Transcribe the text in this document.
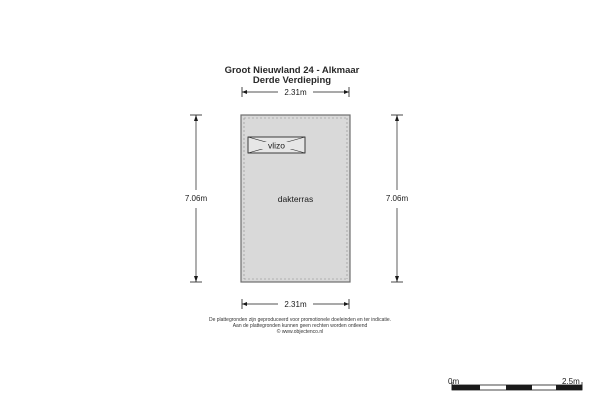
Groot Nieuwland 24 - Alkmaar
Derde Verdieping
2.31m
7.06m	7.06m
dakterras
vlizo
2.31m
De plattegronden zijn geproduceerd voor promotionele doeleinden en ter indicatie.
Aan de plattegronden kunnen geen rechten worden ontleend
© www.objectenco.nl
0m	2.5m
